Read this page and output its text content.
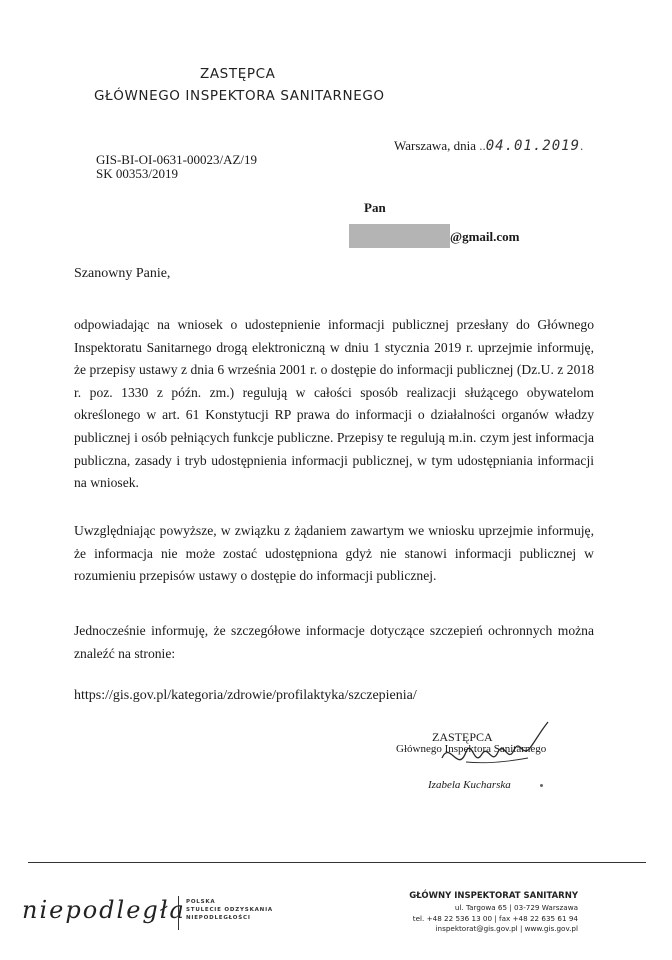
ZASTĘPCA
GŁÓWNEGO INSPEKTORA SANITARNEGO
Warszawa, dnia ..04.01.2019.
GIS-BI-OI-0631-00023/AZ/19
SK 00353/2019
Pan
@gmail.com
Szanowny Panie,
odpowiadając na wniosek o udostepnienie informacji publicznej przesłany do Głównego Inspektoratu Sanitarnego drogą elektroniczną w dniu 1 stycznia 2019 r. uprzejmie informuję, że przepisy ustawy z dnia 6 września 2001 r. o dostępie do informacji publicznej (Dz.U. z 2018 r. poz. 1330 z późn. zm.) regulują w całości sposób realizacji służącego obywatelom określonego w art. 61 Konstytucji RP prawa do informacji o działalności organów władzy publicznej i osób pełniących funkcje publiczne. Przepisy te regulują m.in. czym jest informacja publiczna, zasady i tryb udostępnienia informacji publicznej, w tym udostępniania informacji na wniosek.
Uwzględniając powyższe, w związku z żądaniem zawartym we wniosku uprzejmie informuję, że informacja nie może zostać udostępniona gdyż nie stanowi informacji publicznej w rozumieniu przepisów ustawy o dostępie do informacji publicznej.
Jednocześnie informuję, że szczegółowe informacje dotyczące szczepień ochronnych można znaleźć na stronie:
https://gis.gov.pl/kategoria/zdrowie/profilaktyka/szczepienia/
ZASTĘPCA
Głównego Inspektora Sanitarnego
Izabela Kucharska
niepodległa POLSKA
STULECIE ODZYSKANIA
NIEPODLEGŁOŚCI
GŁÓWNY INSPEKTORAT SANITARNY
ul. Targowa 65 | 03-729 Warszawa
tel. +48 22 536 13 00 | fax +48 22 635 61 94
inspektorat@gis.gov.pl | www.gis.gov.pl
